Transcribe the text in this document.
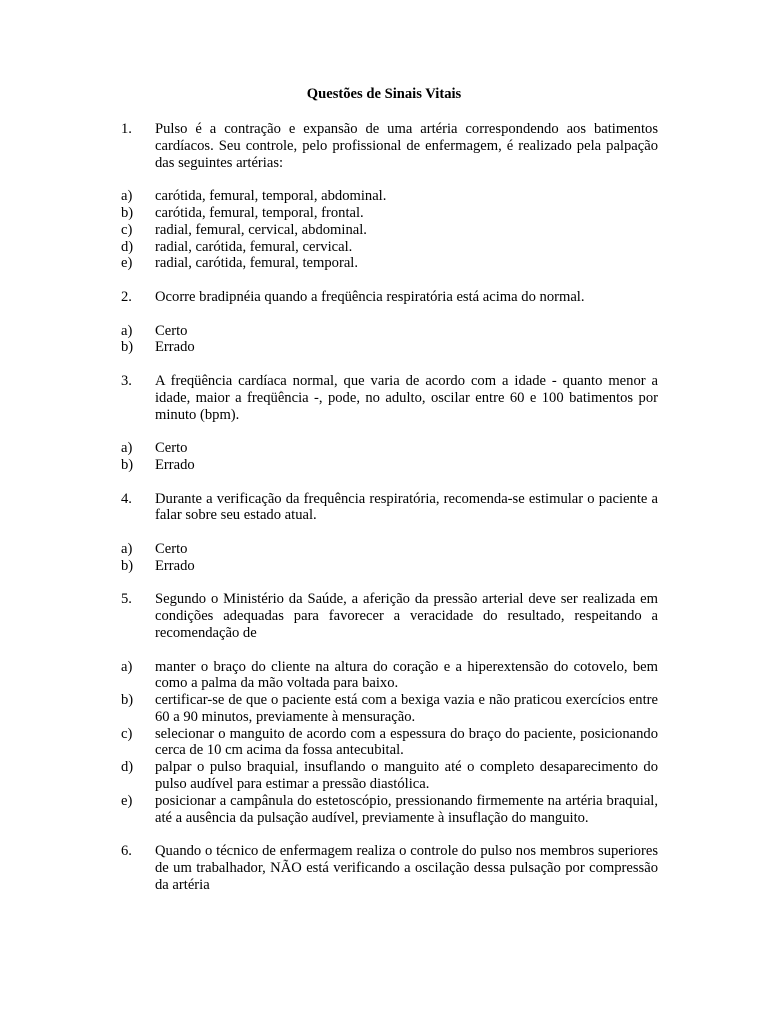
Questões de Sinais Vitais
1.	Pulso é a contração e expansão de uma artéria correspondendo aos batimentos cardíacos. Seu controle, pelo profissional de enfermagem, é realizado pela palpação das seguintes artérias:
a)	carótida, femural, temporal, abdominal.
b)	carótida, femural, temporal, frontal.
c)	radial, femural, cervical, abdominal.
d)	radial, carótida, femural, cervical.
e)	radial, carótida, femural, temporal.
2.	Ocorre bradipnéia quando a freqüência respiratória está acima do normal.
a)	Certo
b)	Errado
3.	A freqüência cardíaca normal, que varia de acordo com a idade - quanto menor a idade, maior a freqüência -, pode, no adulto, oscilar entre 60 e 100 batimentos por minuto (bpm).
a)	Certo
b)	Errado
4.	Durante a verificação da frequência respiratória, recomenda-se estimular o paciente a falar sobre seu estado atual.
a)	Certo
b)	Errado
5.	Segundo o Ministério da Saúde, a aferição da pressão arterial deve ser realizada em condições adequadas para favorecer a veracidade do resultado, respeitando a recomendação de
a)	manter o braço do cliente na altura do coração e a hiperextensão do cotovelo, bem como a palma da mão voltada para baixo.
b)	certificar-se de que o paciente está com a bexiga vazia e não praticou exercícios entre 60 a 90 minutos, previamente à mensuração.
c)	selecionar o manguito de acordo com a espessura do braço do paciente, posicionando cerca de 10 cm acima da fossa antecubital.
d)	palpar o pulso braquial, insuflando o manguito até o completo desaparecimento do pulso audível para estimar a pressão diastólica.
e)	posicionar a campânula do estetoscópio, pressionando firmemente na artéria braquial, até a ausência da pulsação audível, previamente à insuflação do manguito.
6.	Quando o técnico de enfermagem realiza o controle do pulso nos membros superiores de um trabalhador, NÃO está verificando a oscilação dessa pulsação por compressão da artéria
